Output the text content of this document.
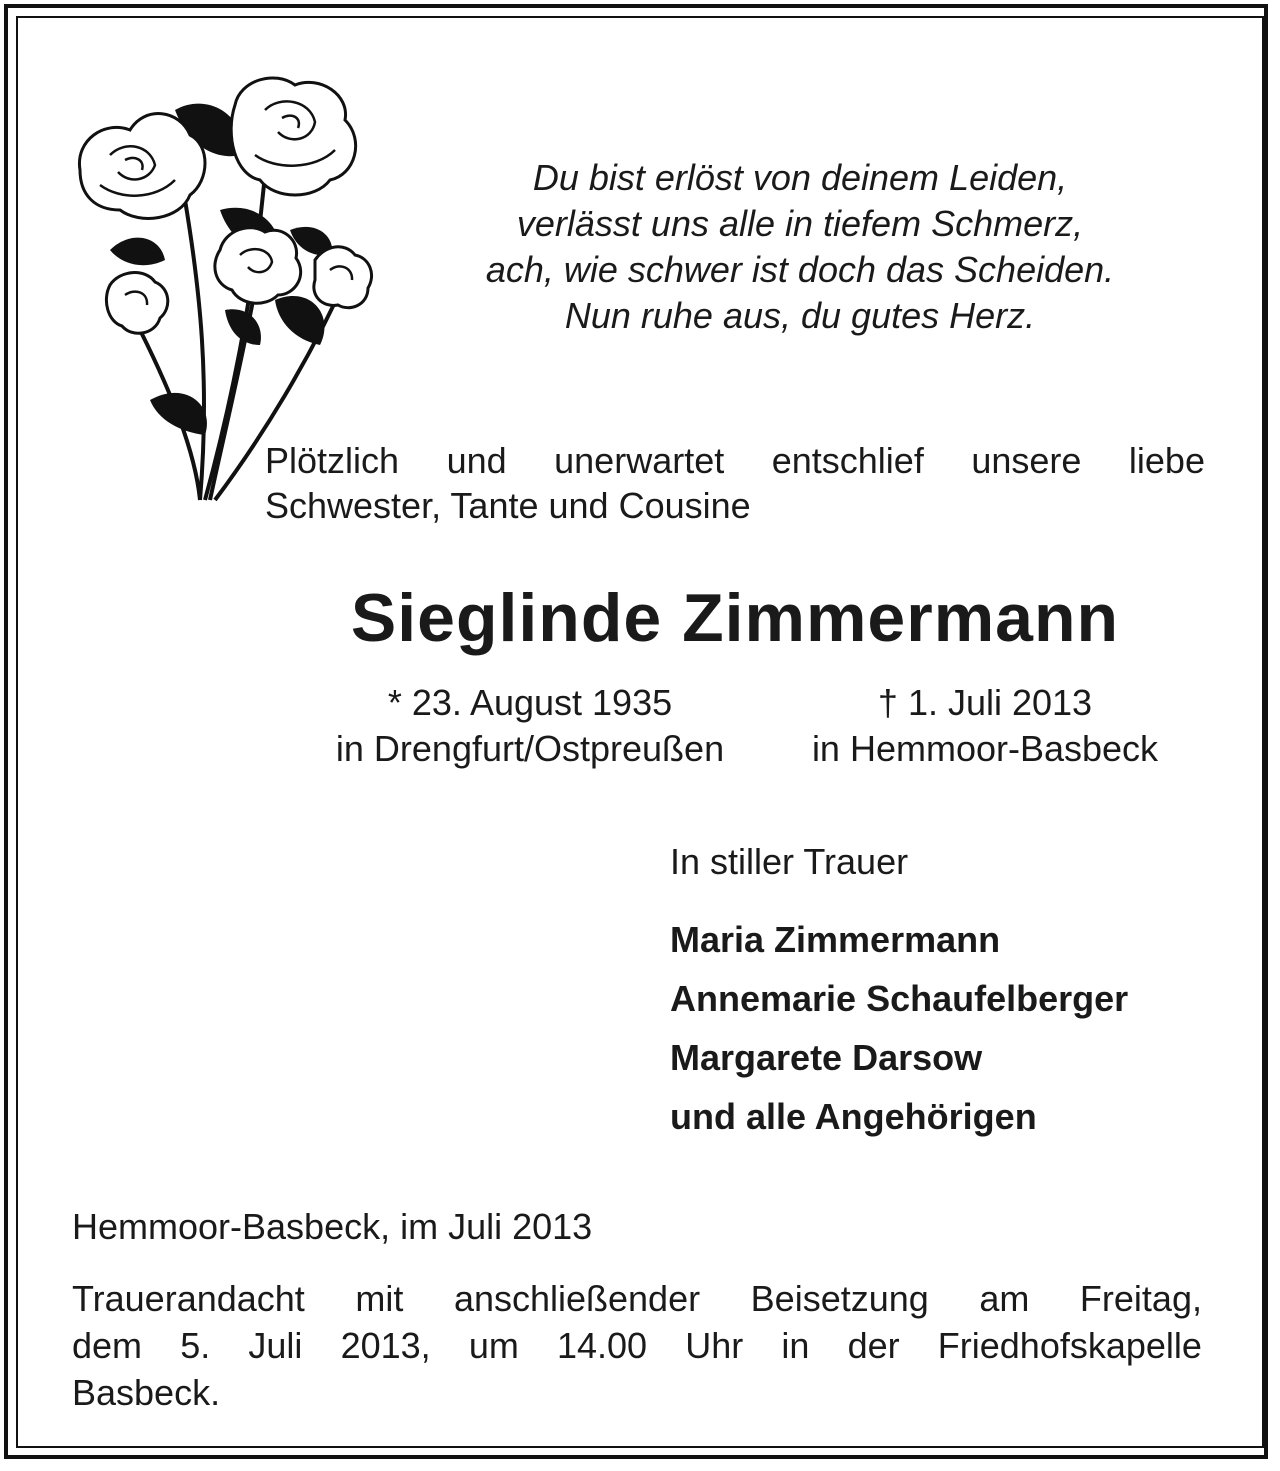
Du bist erlöst von deinem Leiden,
verlässt uns alle in tiefem Schmerz,
ach, wie schwer ist doch das Scheiden.
Nun ruhe aus, du gutes Herz.
Plötzlich und unerwartet entschlief unsere liebe
Schwester, Tante und Cousine
Sieglinde Zimmermann
* 23. August 1935
in Drengfurt/Ostpreußen
† 1. Juli 2013
in Hemmoor-Basbeck
In stiller Trauer
Maria Zimmermann
Annemarie Schaufelberger
Margarete Darsow
und alle Angehörigen
Hemmoor-Basbeck, im Juli 2013
Trauerandacht mit anschließender Beisetzung am Freitag,
dem 5. Juli 2013, um 14.00 Uhr in der Friedhofskapelle
Basbeck.
